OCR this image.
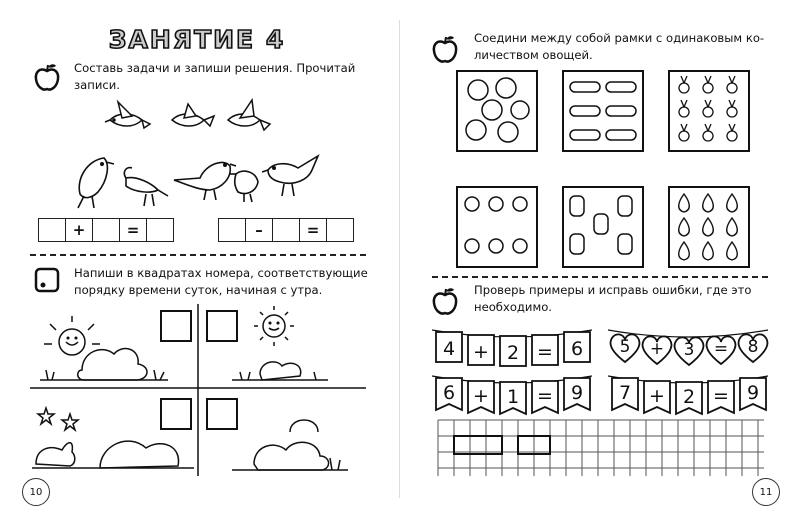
ЗАНЯТИЕ 4
Составь задачи и запиши решения. Прочитай
записи.
+	=	–	=
Напиши в квадратах номера, соответствующие
порядку времени суток, начиная с утра.
10
Соедини между собой рамки с одинаковым ко-
личеством овощей.
Проверь примеры и исправь ошибки, где это
необходимо.
4 + 2 = 6 5 + 3 = 8
6 + 1 = 9 7 + 2 = 9
11
